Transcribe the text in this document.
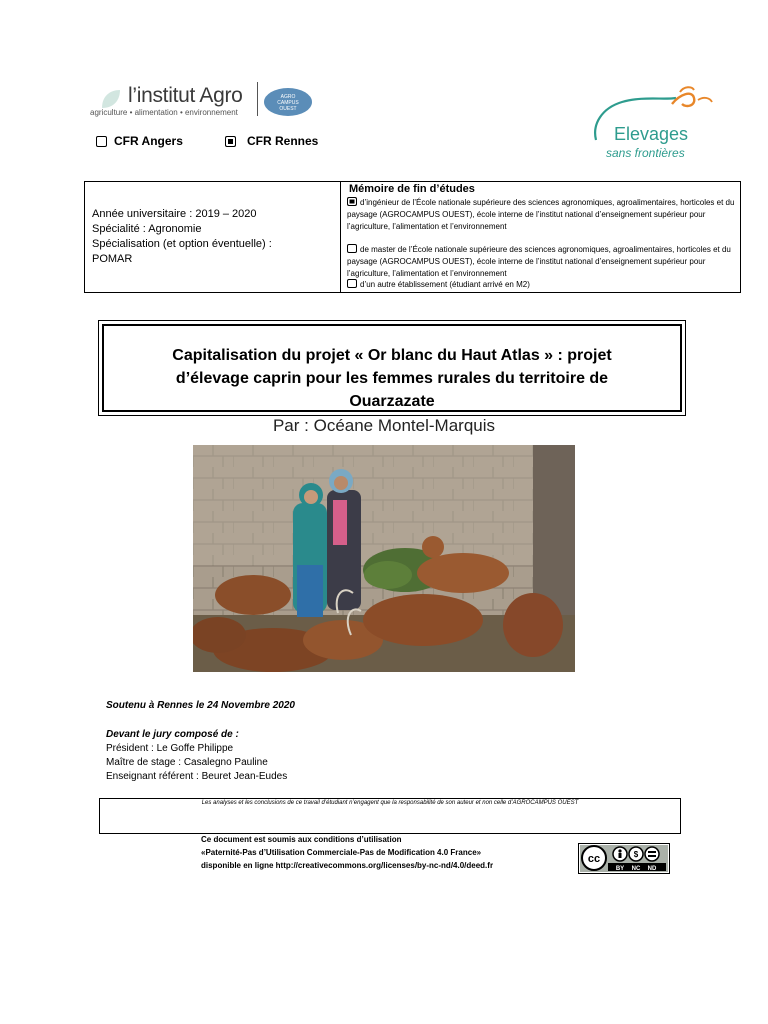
l’institut Agro
agriculture • alimentation • environnement
AGRO
CAMPUS
OUEST
Elevages
sans frontières
CFR Angers	CFR Rennes
Année universitaire : 2019 – 2020
Spécialité : Agronomie
Spécialisation (et option éventuelle) :
POMAR
Mémoire de fin d’études
d’ingénieur de l’École nationale supérieure des sciences agronomiques, agroalimentaires, horticoles et du paysage (AGROCAMPUS OUEST), école interne de l’institut national d’enseignement supérieur pour l’agriculture, l’alimentation et l’environnement
de master de l’École nationale supérieure des sciences agronomiques, agroalimentaires, horticoles et du paysage (AGROCAMPUS OUEST), école interne de l’institut national d’enseignement supérieur pour l’agriculture, l’alimentation et l’environnement
d’un autre établissement (étudiant arrivé en M2)
Capitalisation du projet « Or blanc du Haut Atlas » : projet
d’élevage caprin pour les femmes rurales du territoire de
Ouarzazate
Par : Océane Montel-Marquis
Soutenu à Rennes le 24 Novembre 2020
Devant le jury composé de :
Président : Le Goffe Philippe
Maître de stage : Casalegno Pauline
Enseignant référent : Beuret Jean-Eudes
Les analyses et les conclusions de ce travail d’étudiant n’engagent que la responsabilité de son auteur et non celle d’AGROCAMPUS OUEST
Ce document est soumis aux conditions d’utilisation
«Paternité-Pas d’Utilisation Commerciale-Pas de Modification 4.0 France»
disponible en ligne http://creativecommons.org/licenses/by-nc-nd/4.0/deed.fr
cc	$
BY NC ND
